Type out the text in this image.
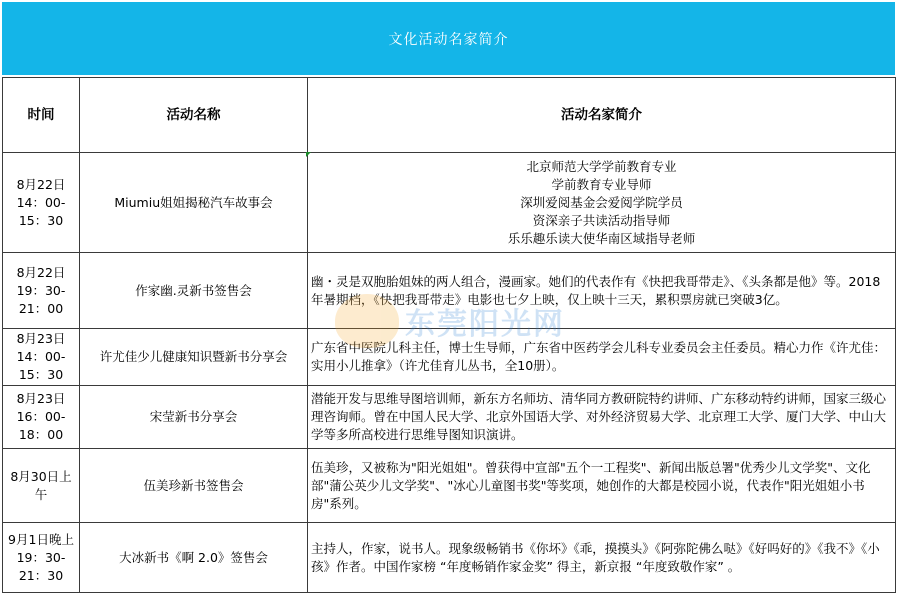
文化活动名家简介
时间	活动名称	活动名家简介
8月22日14：00-15：30	Miumiu姐姐揭秘汽车故事会	北京师范大学学前教育专业
学前教育专业导师
深圳爱阅基金会爱阅学院学员
资深亲子共读活动指导师
乐乐趣乐读大使华南区域指导老师

8月22日19：30-21：00	作家幽.灵新书签售会	幽・灵是双胞胎姐妹的两人组合，漫画家。她们的代表作有《快把我哥带走》、《头条都是他》等。2018年暑期档，《快把我哥带走》电影也七夕上映，仅上映十三天，累积票房就已突破3亿。
8月23日14：00-15：30	许尤佳少儿健康知识暨新书分享会	广东省中医院儿科主任，博士生导师，广东省中医药学会儿科专业委员会主任委员。精心力作《许尤佳：实用小儿推拿》（许尤佳育儿丛书，全10册）。
8月23日16：00-18：00	宋莹新书分享会	潜能开发与思维导图培训师，新东方名师坊、清华同方教研院特约讲师、广东移动特约讲师，国家三级心理咨询师。曾在中国人民大学、北京外国语大学、对外经济贸易大学、北京理工大学、厦门大学、中山大学等多所高校进行思维导图知识演讲。
8月30日上午	伍美珍新书签售会	伍美珍，又被称为"阳光姐姐"。曾获得中宣部"五个一工程奖"、新闻出版总署"优秀少儿文学奖"、文化部"蒲公英少儿文学奖"、"冰心儿童图书奖"等奖项，她创作的大都是校园小说，代表作"阳光姐姐小书房"系列。
9月1日晚上19：30-21：30	大冰新书《啊 2.0》签售会	主持人，作家，说书人。现象级畅销书《你坏》《乖，摸摸头》《阿弥陀佛么哒》《好吗好的》《我不》《小孩》作者。中国作家榜 “年度畅销作家金奖” 得主，新京报 “年度致敬作家” 。
东莞阳光网
